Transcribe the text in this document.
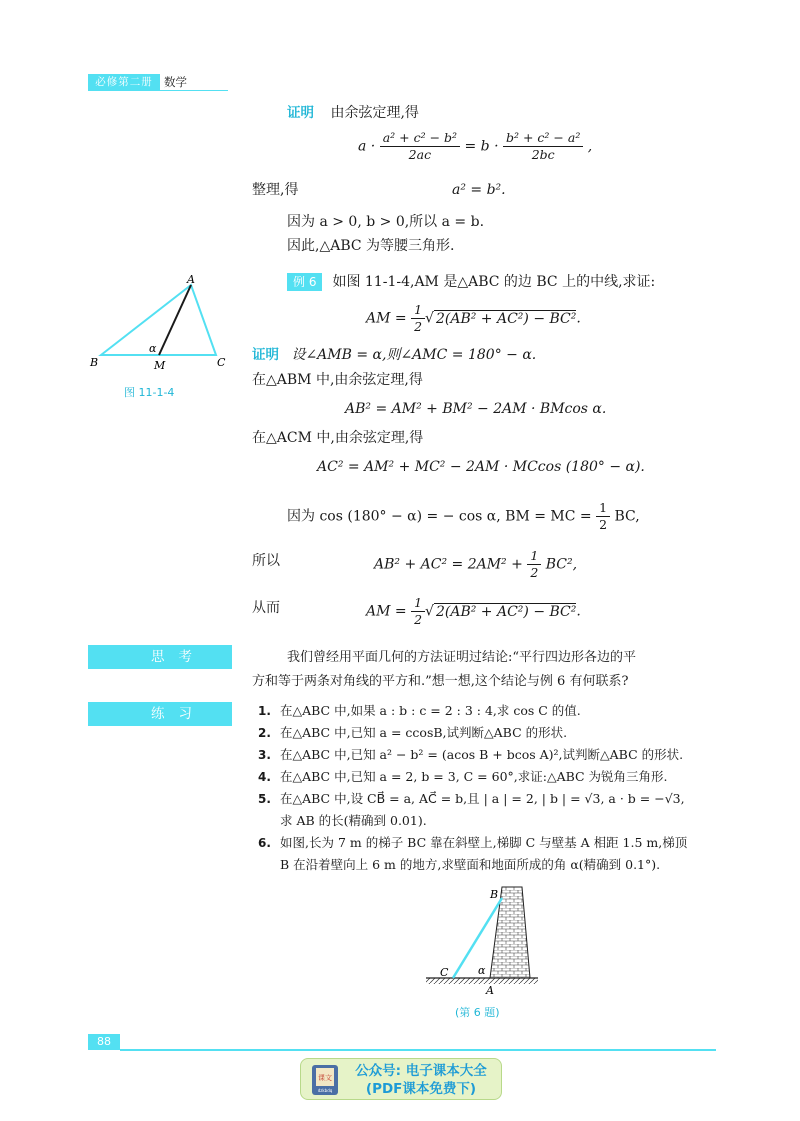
必修第二册 数学
证明 由余弦定理,得
$a \cdot \frac{\text{a² + c² − b²}}{2ac} = b \cdot \frac{\text{b² + c² − a²}}{2bc}$ ,
整理,得	a² = b².
因为 a > 0, b > 0,所以 a = b.
因此,△ABC 为等腰三角形.
例 6 如图 11-1-4,AM 是△ABC 的边 BC 上的中线,求证:
AM = $\frac{1}{2}$ √ 2(AB² + AC²) − BC².
A
B	C
M
α
图 11-1-4
证明 设∠AMB = α,则∠AMC = 180° − α.
在△ABM 中,由余弦定理,得
AB² = AM² + BM² − 2AM · BMcos α.
在△ACM 中,由余弦定理,得
AC² = AM² + MC² − 2AM · MCcos (180° − α).
因为 cos (180° − α) = − cos α, BM = MC = $\frac{1}{2}$ BC,
所以	$AB^2 + AC^2 = 2AM^2 + \frac{1}{2} BC^2$,
从而	AM = $\frac{1}{2}$ √ 2(AB² + AC²) − BC².
思考	我们曾经用平面几何的方法证明过结论:“平行四边形各边的平
方和等于两条对角线的平方和.”想一想,这个结论与例 6 有何联系?
练习	1. 在△ABC 中,如果 a : b : c = 2 : 3 : 4,求 cos C 的值.
2. 在△ABC 中,已知 a = ccosB,试判断△ABC 的形状.
3. 在△ABC 中,已知 a² − b² = (acos B + bcos A)²,试判断△ABC 的形状.
4. 在△ABC 中,已知 a = 2, b = 3, C = 60°,求证:△ABC 为锐角三角形.
5. 在△ABC 中,设 CB⃗ = a, AC⃗ = b,且 | a | = 2, | b | = √3, a · b = −√3,
求 AB 的长(精确到 0.01).
6. 如图,长为 7 m 的梯子 BC 靠在斜壁上,梯脚 C 与壁基 A 相距 1.5 m,梯顶
B 在沿着壁向上 6 m 的地方,求壁面和地面所成的角 α(精确到 0.1°).
B
C
A
α
(第 6 题)
88
课文
dzkbdq
公众号: 电子课本大全
(PDF课本免费下)
